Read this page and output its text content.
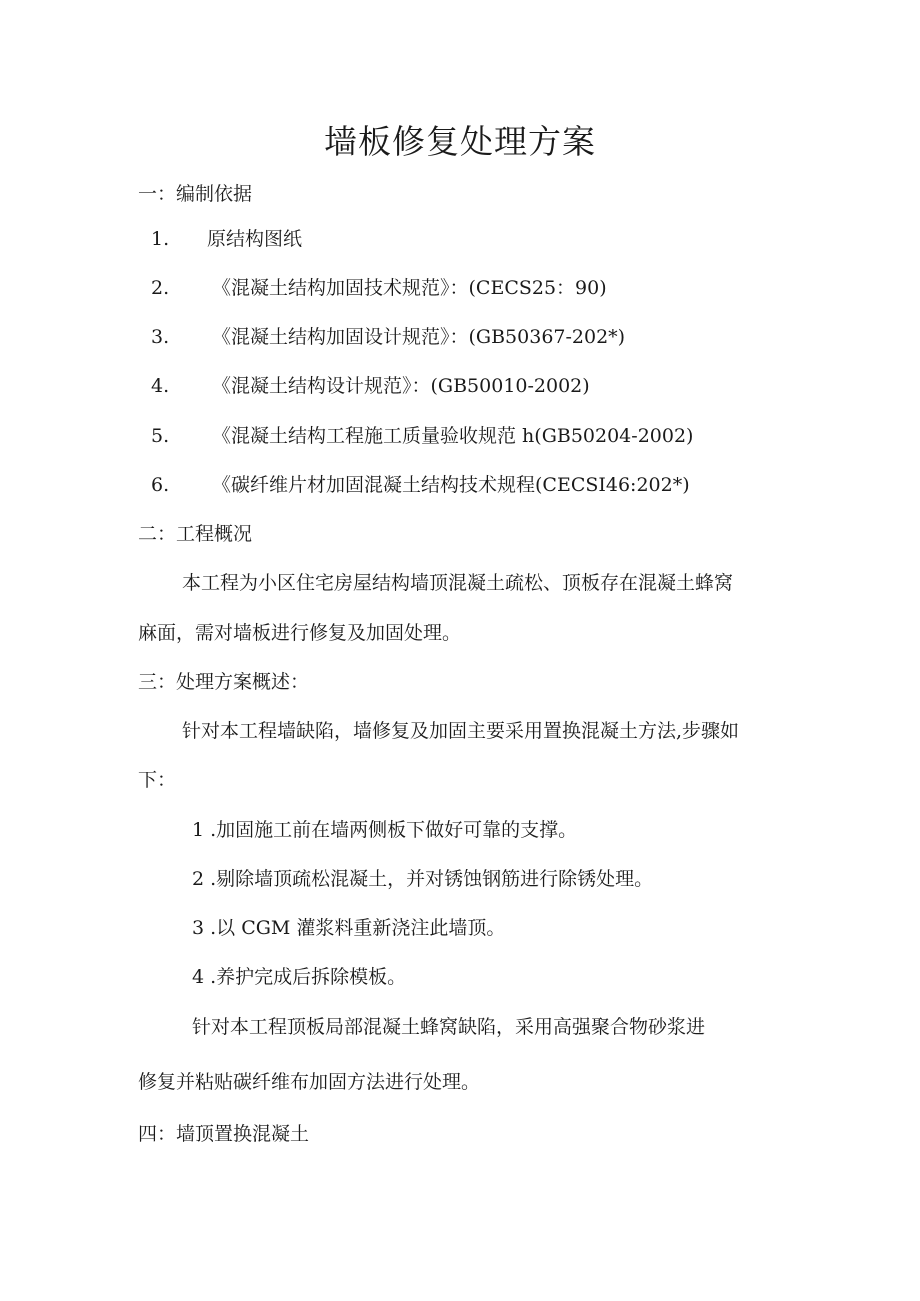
墙板修复处理方案
一：编制依据
1. 原结构图纸
2. 《混凝土结构加固技术规范》：(CECS25：90)
3. 《混凝土结构加固设计规范》：(GB50367-202*)
4. 《混凝土结构设计规范》：(GB50010-2002)
5. 《混凝土结构工程施工质量验收规范 h(GB50204-2002)
6. 《碳纤维片材加固混凝土结构技术规程(CECSI46:202*)
二：工程概况
本工程为小区住宅房屋结构墙顶混凝土疏松、顶板存在混凝土蜂窝
麻面，需对墙板进行修复及加固处理。
三：处理方案概述：
针对本工程墙缺陷，墙修复及加固主要采用置换混凝土方法,步骤如
下：
1 .加固施工前在墙两侧板下做好可靠的支撑。
2 .剔除墙顶疏松混凝土，并对锈蚀钢筋进行除锈处理。
3 .以 CGM 灌浆料重新浇注此墙顶。
4 .养护完成后拆除模板。
针对本工程顶板局部混凝土蜂窝缺陷，采用高强聚合物砂浆进
修复并粘贴碳纤维布加固方法进行处理。
四：墙顶置换混凝土
